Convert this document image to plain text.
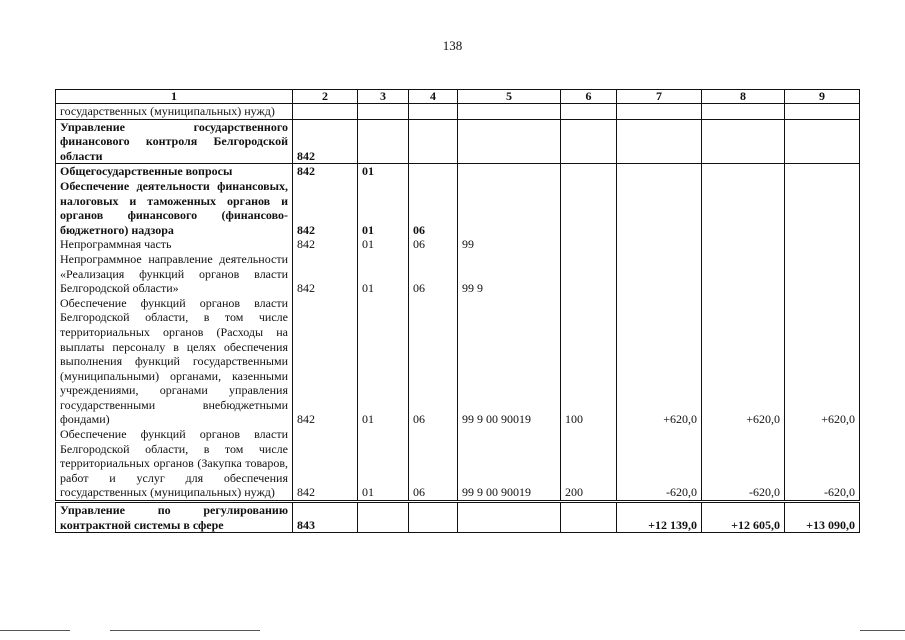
138
1	2	3	4	5	6	7	8	9
государственных (муниципальных) нужд)								
Управление государственного финансового контроля Белгородской области	842							
Общегосударственные вопросы	842	01						
Обеспечение деятельности финансовых, налоговых и таможенных органов и органов финансового (финансово-бюджетного) надзора	842	01	06					
Непрограммная часть	842	01	06	99				
Непрограммное направление деятельности «Реализация функций органов власти Белгородской области»	842	01	06	99 9				
Обеспечение функций органов власти Белгородской области, в том числе территориальных органов (Расходы на выплаты персоналу в целях обеспечения выполнения функций государственными (муниципальными) органами, казенными учреждениями, органами управления государственными внебюджетными фондами)	842	01	06	99 9 00 90019	100	+620,0	+620,0	+620,0
Обеспечение функций органов власти Белгородской области, в том числе территориальных органов (Закупка товаров, работ и услуг для обеспечения государственных (муниципальных) нужд)	842	01	06	99 9 00 90019	200	-620,0	-620,0	-620,0
Управление по регулированию контрактной системы в сфере	843					+12 139,0	+12 605,0	+13 090,0
